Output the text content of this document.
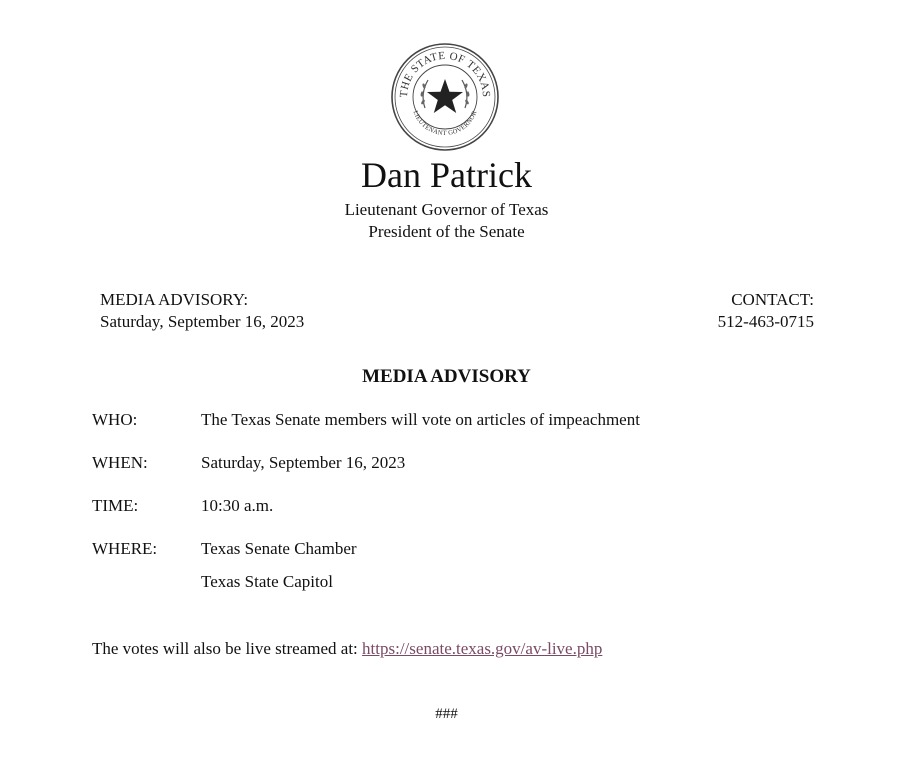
THE STATE OF TEXAS
LIEUTENANT GOVERNOR
Dan Patrick
Lieutenant Governor of Texas
President of the Senate
MEDIA ADVISORY:
Saturday, September 16, 2023
CONTACT:
512-463-0715
MEDIA ADVISORY
WHO:	The Texas Senate members will vote on articles of impeachment
WHEN:	Saturday, September 16, 2023
TIME:	10:30 a.m.
WHERE:	Texas Senate Chamber
Texas State Capitol
The votes will also be live streamed at: https://senate.texas.gov/av-live.php
###
